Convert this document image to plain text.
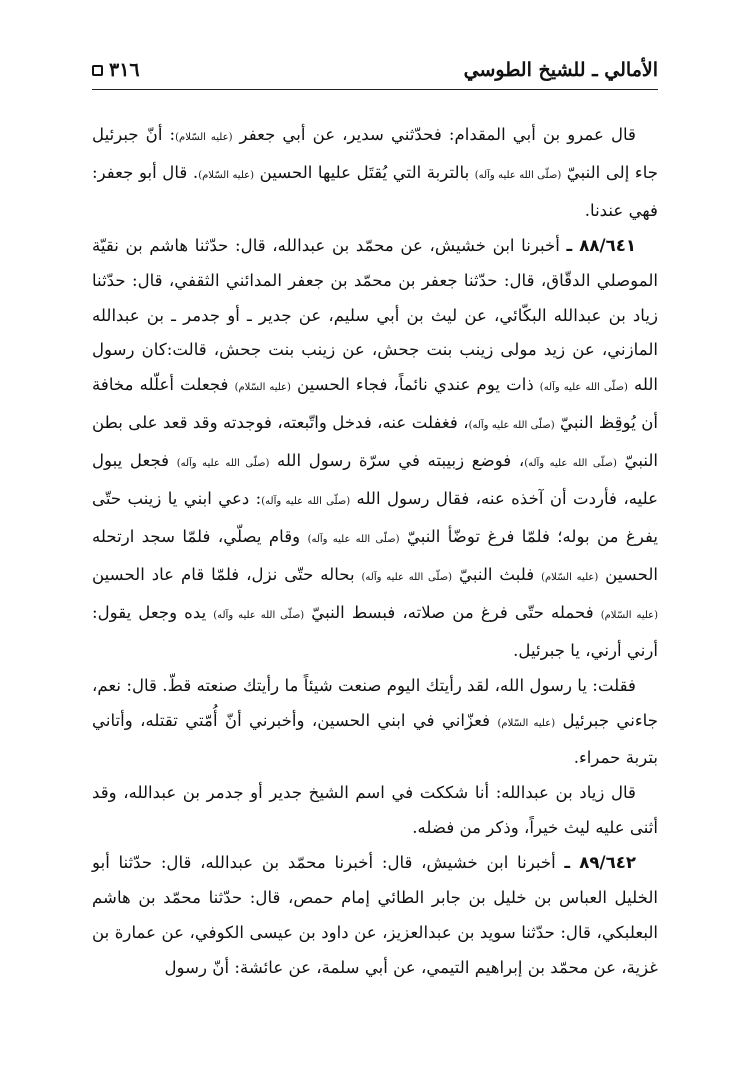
الأمالي ـ للشيخ الطوسي
٣١٦

قال عمرو بن أبي المقدام: فحدّثني سدير، عن أبي جعفر (عليه السّلام): أنّ جبرئيل جاء إلى النبيّ (صلّى الله عليه وآله) بالتربة التي يُقتَل عليها الحسين (عليه السّلام). قال أبو جعفر: فهي عندنا.

٨٨/٦٤١ ـ أخبرنا ابن خشيش، عن محمّد بن عبدالله، قال: حدّثنا هاشم بن نقيّة الموصلي الدقّاق، قال: حدّثنا جعفر بن محمّد بن جعفر المدائني الثقفي، قال: حدّثنا زياد بن عبدالله البكّائي، عن ليث بن أبي سليم، عن جدير ـ أو جدمر ـ بن عبدالله المازني، عن زيد مولى زينب بنت جحش، عن زينب بنت جحش، قالت:كان رسول الله (صلّى الله عليه وآله) ذات يوم عندي نائماً، فجاء الحسين (عليه السّلام) فجعلت أعلّله مخافة أن يُوقِظ النبيّ (صلّى الله عليه وآله)، فغفلت عنه، فدخل واتّبعته، فوجدته وقد قعد على بطن النبيّ (صلّى الله عليه وآله)، فوضع زبيبته في سرّة رسول الله (صلّى الله عليه وآله) فجعل يبول عليه، فأردت أن آخذه عنه، فقال رسول الله (صلّى الله عليه وآله): دعي ابني يا زينب حتّى يفرغ من بوله؛ فلمّا فرغ توضّأ النبيّ (صلّى الله عليه وآله) وقام يصلّي، فلمّا سجد ارتحله الحسين (عليه السّلام) فلبث النبيّ (صلّى الله عليه وآله) بحاله حتّى نزل، فلمّا قام عاد الحسين (عليه السّلام) فحمله حتّى فرغ من صلاته، فبسط النبيّ (صلّى الله عليه وآله) يده وجعل يقول: أرني أرني، يا جبرئيل.

فقلت: يا رسول الله، لقد رأيتك اليوم صنعت شيئاً ما رأيتك صنعته قطّ. قال: نعم، جاءني جبرئيل (عليه السّلام) فعزّاني في ابني الحسين، وأخبرني أنّ أُمّتي تقتله، وأتاني بتربة حمراء.

قال زياد بن عبدالله: أنا شككت في اسم الشيخ جدير أو جدمر بن عبدالله، وقد أثنى عليه ليث خيراً، وذكر من فضله.

٨٩/٦٤٢ ـ أخبرنا ابن خشيش، قال: أخبرنا محمّد بن عبدالله، قال: حدّثنا أبو الخليل العباس بن خليل بن جابر الطائي إمام حمص، قال: حدّثنا محمّد بن هاشم البعلبكي، قال: حدّثنا سويد بن عبدالعزيز، عن داود بن عيسى الكوفي، عن عمارة بن غزية، عن محمّد بن إبراهيم التيمي، عن أبي سلمة، عن عائشة: أنّ رسول
